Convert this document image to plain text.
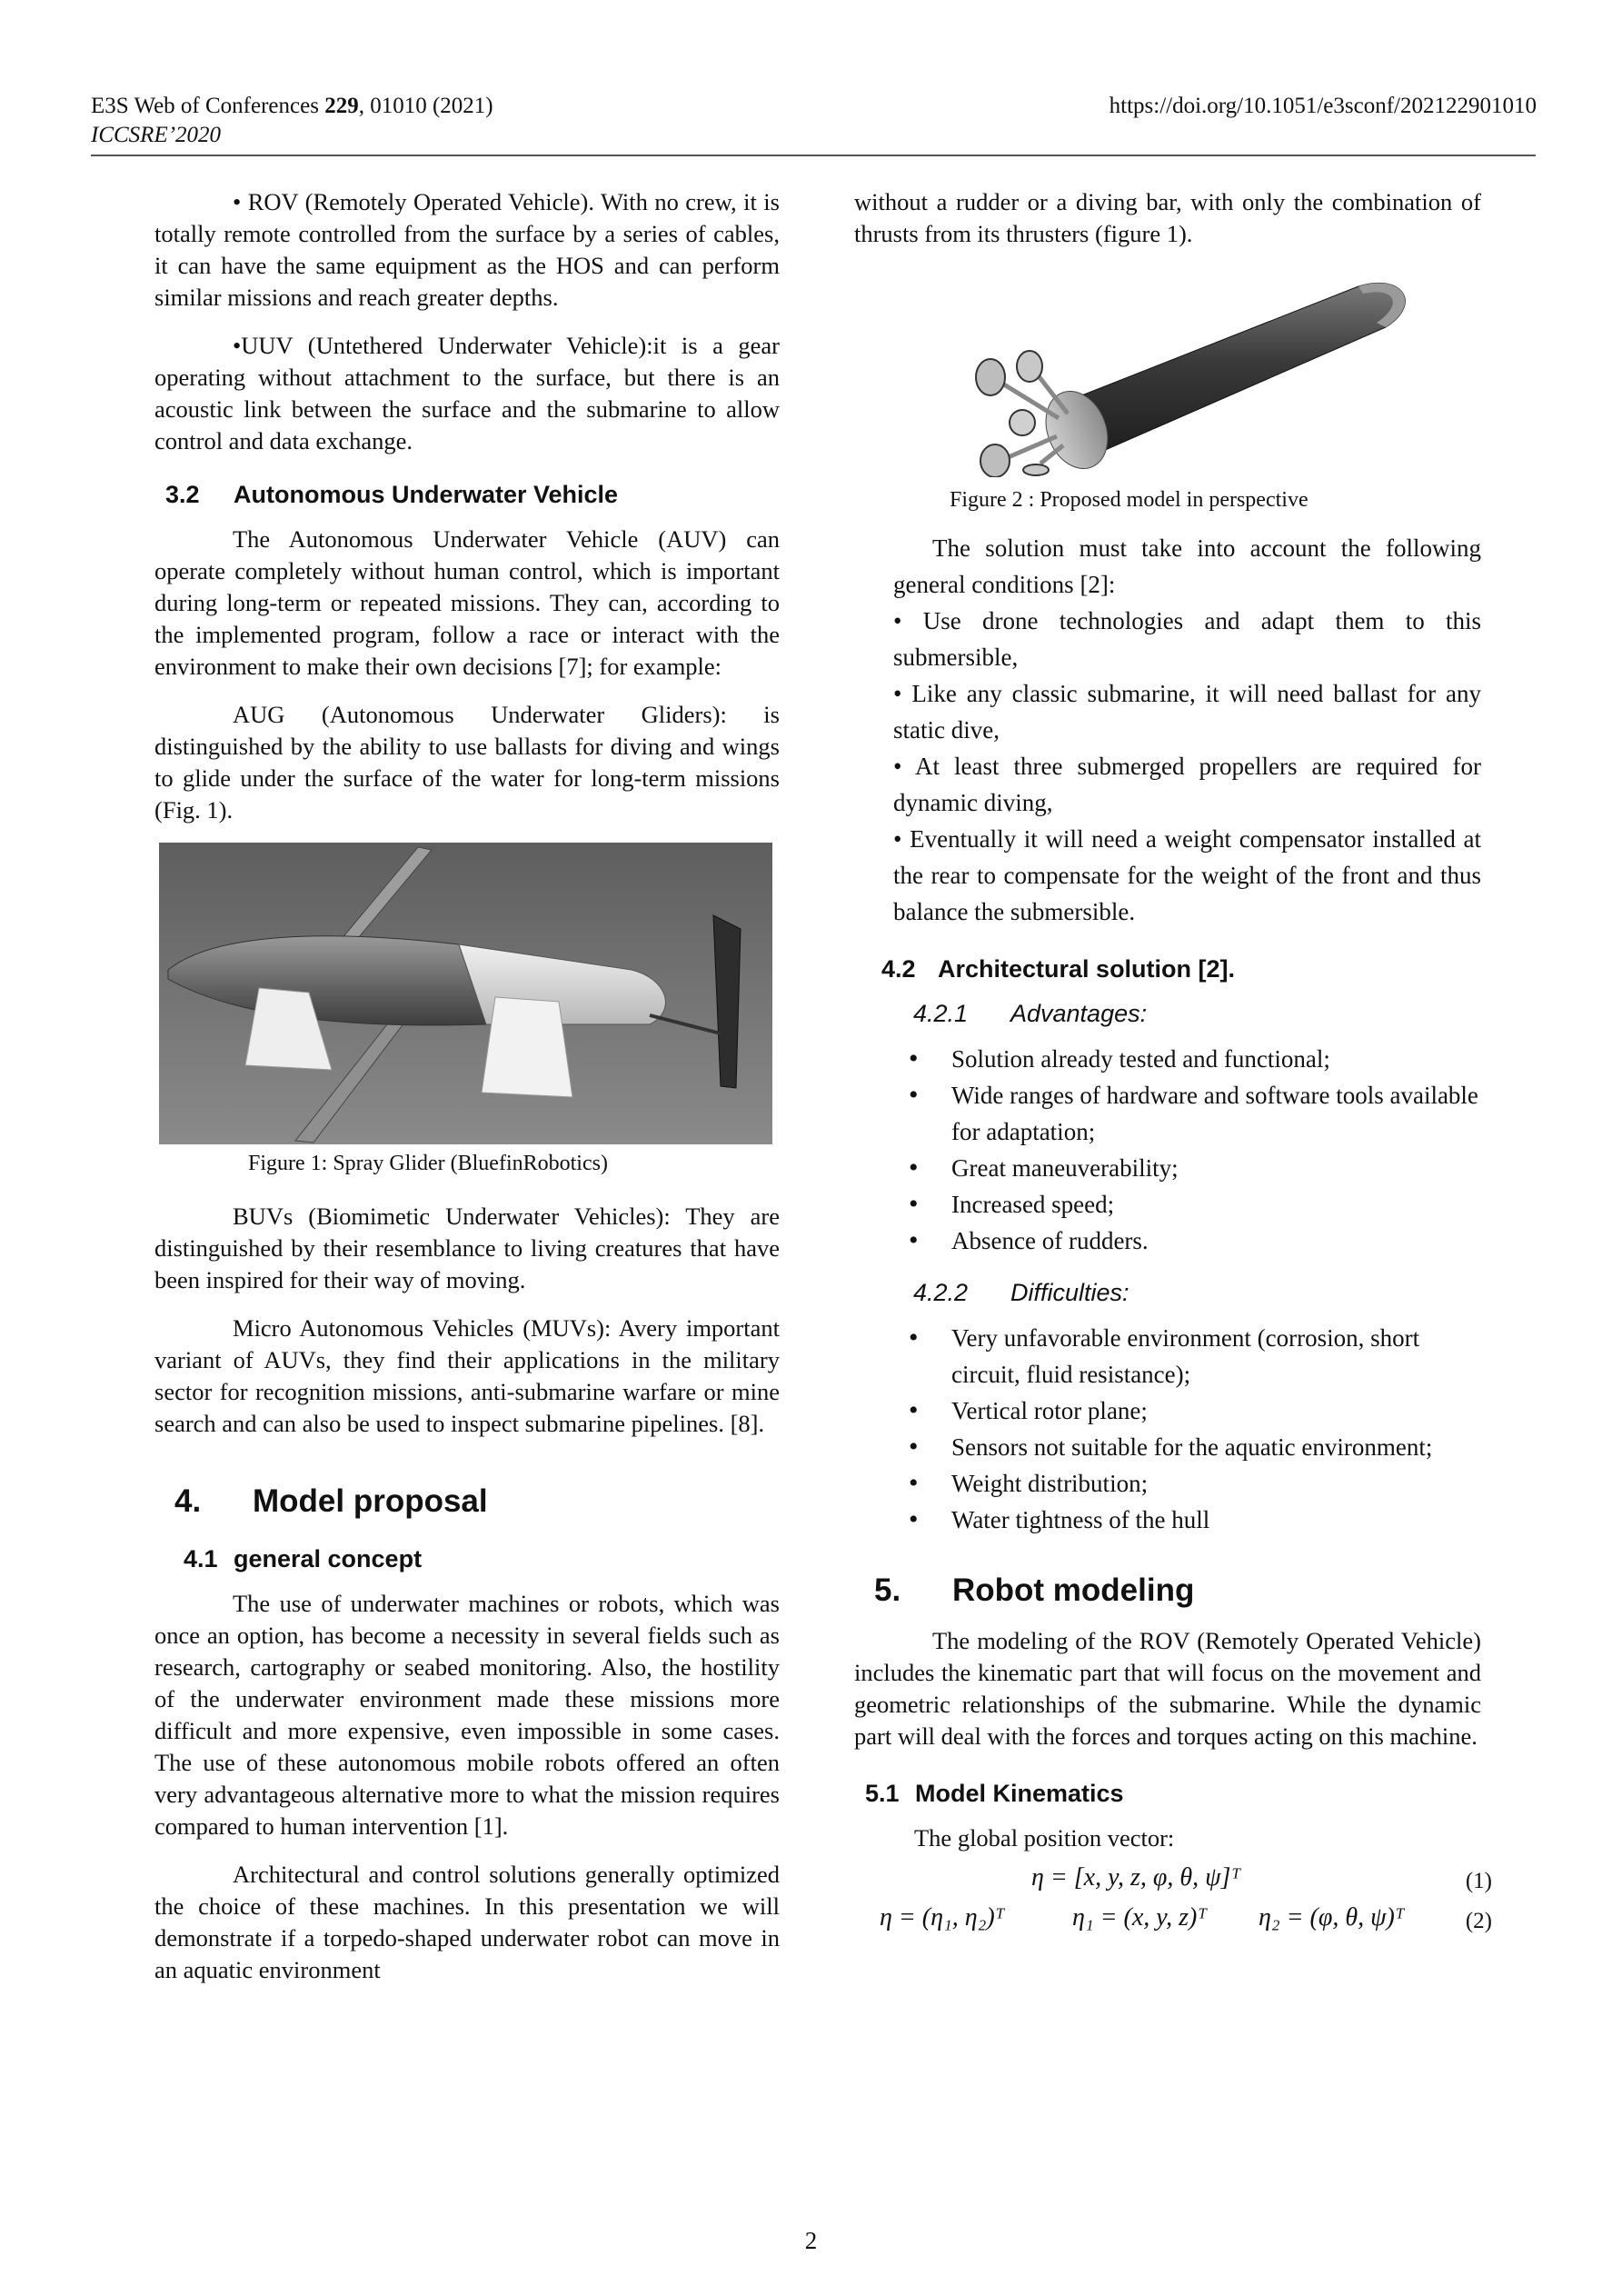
E3S Web of Conferences 229, 01010 (2021)
ICCSRE’2020
https://doi.org/10.1051/e3sconf/202122901010

• ROV (Remotely Operated Vehicle). With no crew, it is totally remote controlled from the surface by a series of cables, it can have the same equipment as the HOS and can perform similar missions and reach greater depths.

•UUV (Untethered Underwater Vehicle):it is a gear operating without attachment to the surface, but there is an acoustic link between the surface and the submarine to allow control and data exchange.

3.2 Autonomous Underwater Vehicle

The Autonomous Underwater Vehicle (AUV) can operate completely without human control, which is important during long-term or repeated missions. They can, according to the implemented program, follow a race or interact with the environment to make their own decisions [7]; for example:

AUG (Autonomous Underwater Gliders): is distinguished by the ability to use ballasts for diving and wings to glide under the surface of the water for long-term missions (Fig. 1).

Figure 1: Spray Glider (BluefinRobotics)

BUVs (Biomimetic Underwater Vehicles): They are distinguished by their resemblance to living creatures that have been inspired for their way of moving.

Micro Autonomous Vehicles (MUVs): Avery important variant of AUVs, they find their applications in the military sector for recognition missions, anti-submarine warfare or mine search and can also be used to inspect submarine pipelines. [8].

4. Model proposal
4.1 general concept

The use of underwater machines or robots, which was once an option, has become a necessity in several fields such as research, cartography or seabed monitoring. Also, the hostility of the underwater environment made these missions more difficult and more expensive, even impossible in some cases. The use of these autonomous mobile robots offered an often very advantageous alternative more to what the mission requires compared to human intervention [1].

Architectural and control solutions generally optimized the choice of these machines. In this presentation we will demonstrate if a torpedo-shaped underwater robot can move in an aquatic environment

without a rudder or a diving bar, with only the combination of thrusts from its thrusters (figure 1).

Figure 2 : Proposed model in perspective

The solution must take into account the following general conditions [2]:

• Use drone technologies and adapt them to this submersible,

• Like any classic submarine, it will need ballast for any static dive,

• At least three submerged propellers are required for dynamic diving,

• Eventually it will need a weight compensator installed at the rear to compensate for the weight of the front and thus balance the submersible.

4.2 Architectural solution [2].
4.2.1 Advantages:
• Solution already tested and functional;
• Wide ranges of hardware and software tools available for adaptation;
• Great maneuverability;
• Increased speed;
• Absence of rudders.
4.2.2 Difficulties:
• Very unfavorable environment (corrosion, short circuit, fluid resistance);
• Vertical rotor plane;
• Sensors not suitable for the aquatic environment;
• Weight distribution;
• Water tightness of the hull
5. Robot modeling

The modeling of the ROV (Remotely Operated Vehicle) includes the kinematic part that will focus on the movement and geometric relationships of the submarine. While the dynamic part will deal with the forces and torques acting on this machine.

5.1 Model Kinematics

The global position vector:

η = [x, y, z, φ, θ, ψ]ᵀ	(1)
η = (η₁, η₂)ᵀ	η₁ = (x, y, z)ᵀ η₂ = (φ, θ, ψ)ᵀ	(2)
2
